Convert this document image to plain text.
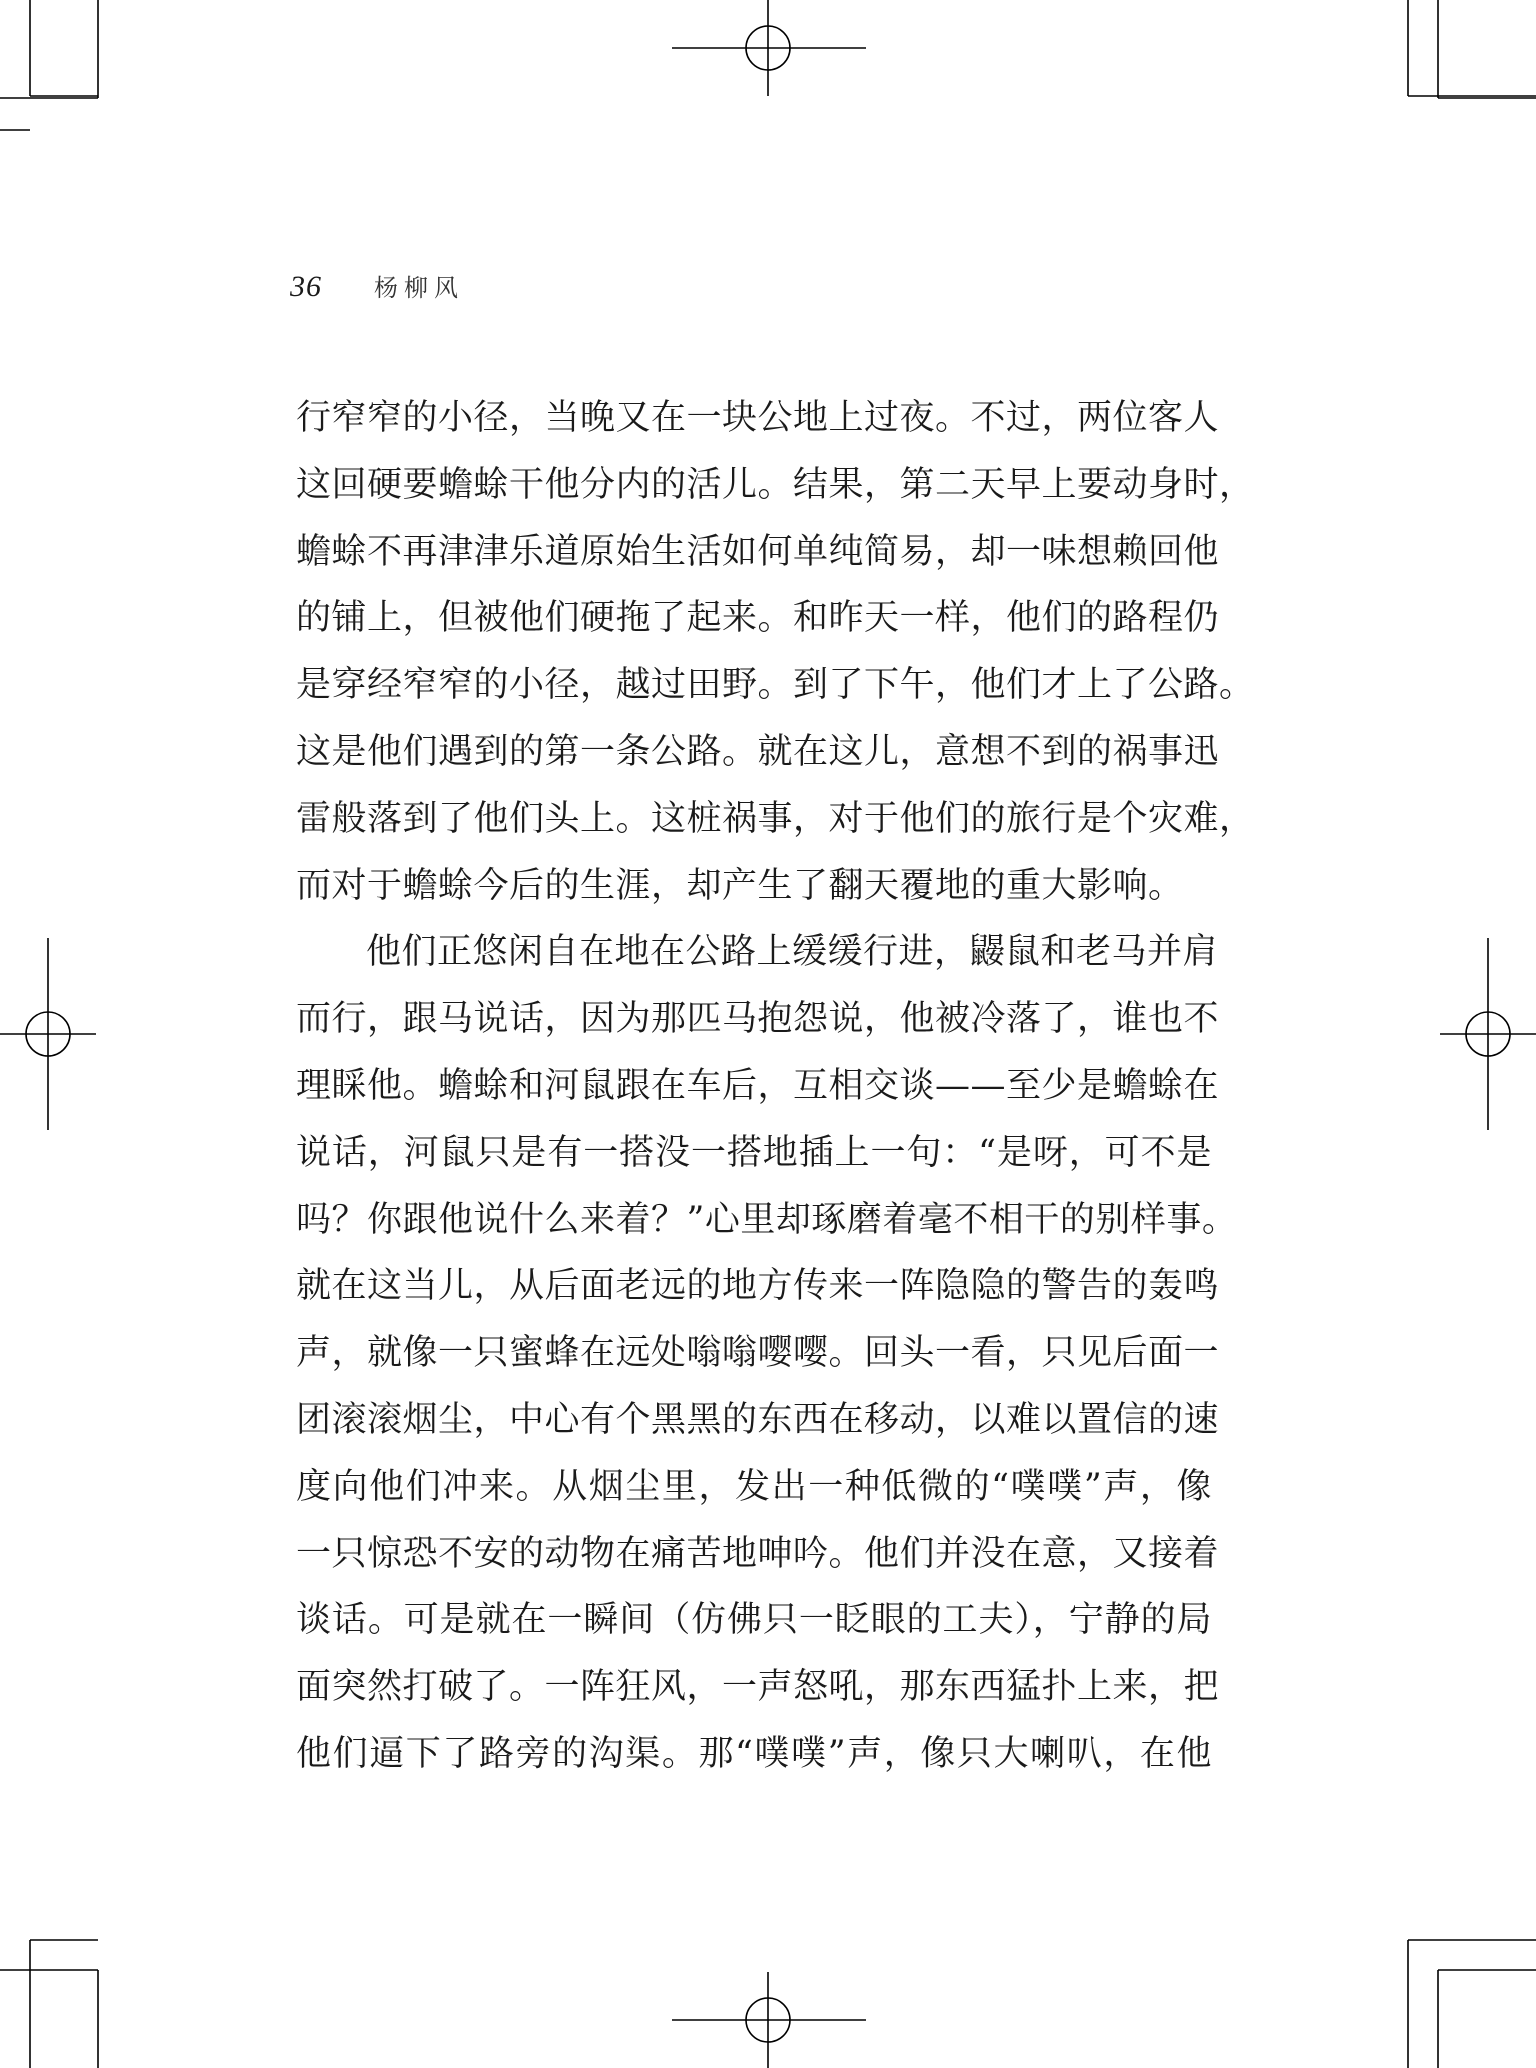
36	杨柳风
行窄窄的小径，当晚又在一块公地上过夜。不过，两位客人
这回硬要蟾蜍干他分内的活儿。结果，第二天早上要动身时，
蟾蜍不再津津乐道原始生活如何单纯简易，却一味想赖回他
的铺上，但被他们硬拖了起来。和昨天一样，他们的路程仍
是穿经窄窄的小径，越过田野。到了下午，他们才上了公路。
这是他们遇到的第一条公路。就在这儿，意想不到的祸事迅
雷般落到了他们头上。这桩祸事，对于他们的旅行是个灾难，
而对于蟾蜍今后的生涯，却产生了翻天覆地的重大影响。
他们正悠闲自在地在公路上缓缓行进，鼹鼠和老马并肩
而行，跟马说话，因为那匹马抱怨说，他被冷落了，谁也不
理睬他。蟾蜍和河鼠跟在车后，互相交谈——至少是蟾蜍在
说话，河鼠只是有一搭没一搭地插上一句：“是呀，可不是
吗？你跟他说什么来着？”心里却琢磨着毫不相干的别样事。
就在这当儿，从后面老远的地方传来一阵隐隐的警告的轰鸣
声，就像一只蜜蜂在远处嗡嗡嘤嘤。回头一看，只见后面一
团滚滚烟尘，中心有个黑黑的东西在移动，以难以置信的速
度向他们冲来。从烟尘里，发出一种低微的“噗噗”声，像
一只惊恐不安的动物在痛苦地呻吟。他们并没在意，又接着
谈话。可是就在一瞬间（仿佛只一眨眼的工夫），宁静的局
面突然打破了。一阵狂风，一声怒吼，那东西猛扑上来，把
他们逼下了路旁的沟渠。那“噗噗”声，像只大喇叭，在他
